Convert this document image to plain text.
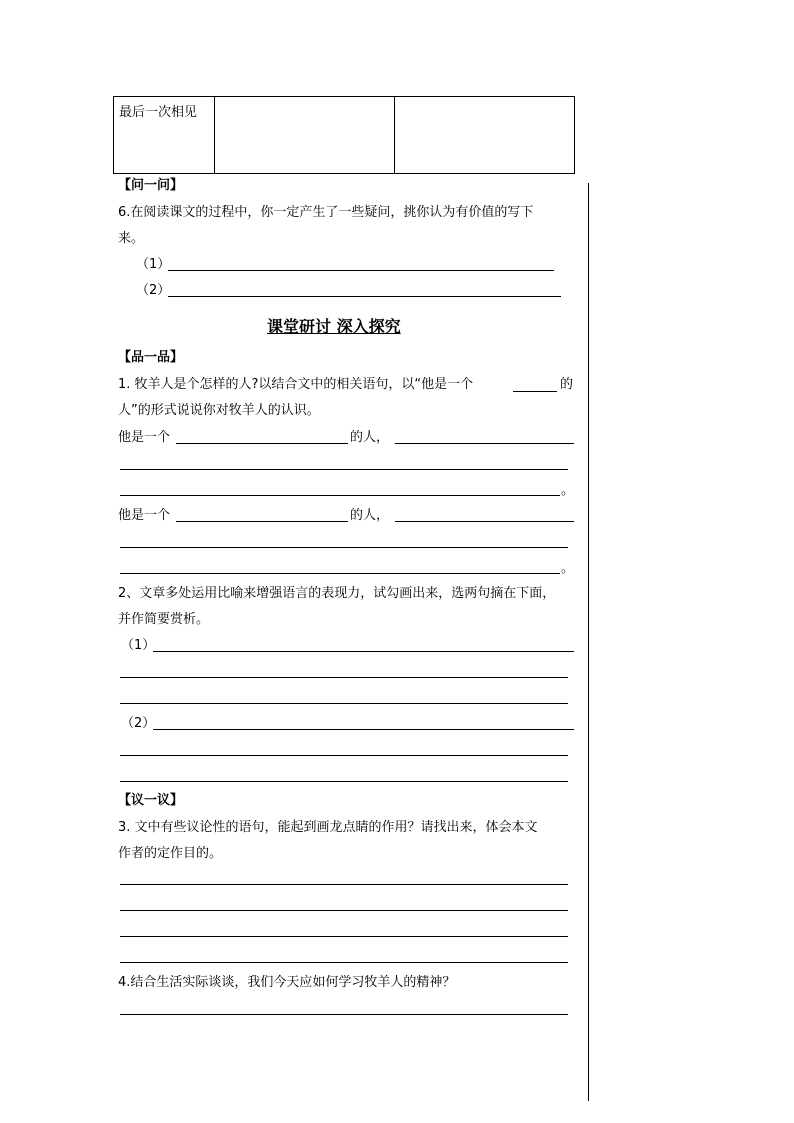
最后一次相见		
【问一问】
6.在阅读课文的过程中，你一定产生了一些疑问，挑你认为有价值的写下
来。
（1）
（2）
课堂研讨 深入探究
【品一品】
1. 牧羊人是个怎样的人?以结合文中的相关语句，以“他是一个	的
人”的形式说说你对牧羊人的认识。
他是一个	的人，
。
他是一个	的人，
。
2、文章多处运用比喻来增强语言的表现力，试勾画出来，选两句摘在下面，
并作简要赏析。
（1）
（2）
【议一议】
3. 文中有些议论性的语句，能起到画龙点睛的作用？请找出来，体会本文
作者的定作目的。
4.结合生活实际谈谈，我们今天应如何学习牧羊人的精神？
